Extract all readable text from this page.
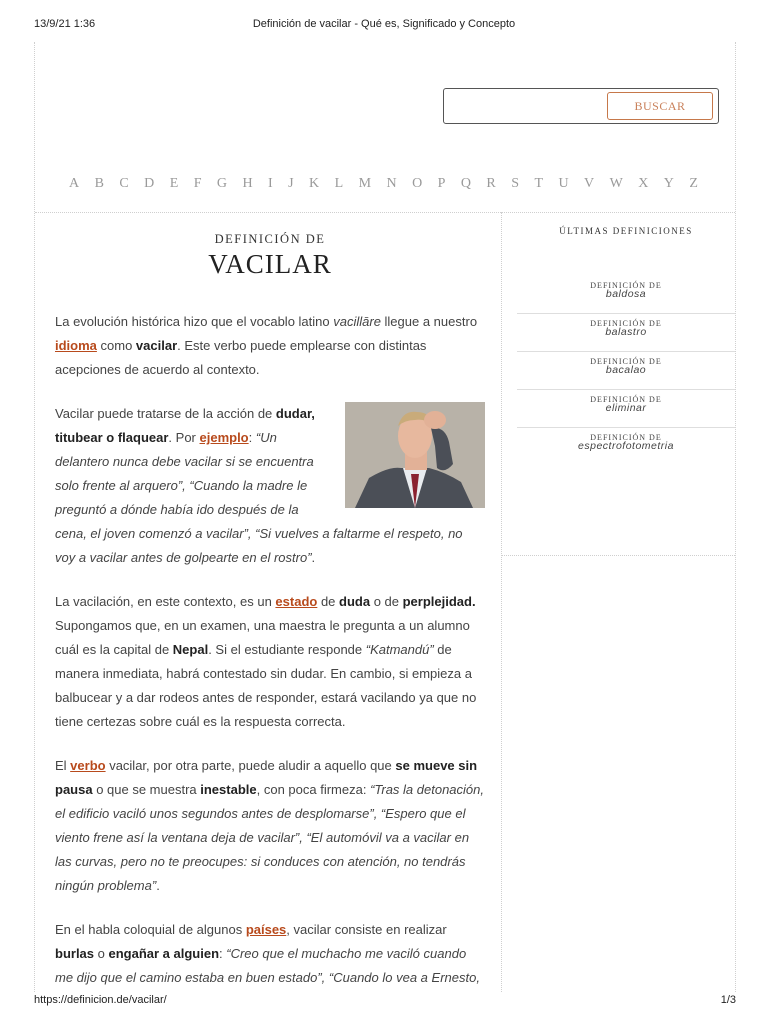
13/9/21 1:36	Definición de vacilar - Qué es, Significado y Concepto
BUSCAR
A B C D E F G H I J K L M N O P Q R S T U V W X Y Z
DEFINICIÓN DE
VACILAR

La evolución histórica hizo que el vocablo latino vacillāre llegue a nuestro idioma como vacilar. Este verbo puede emplearse con distintas acepciones de acuerdo al contexto.

Vacilar puede tratarse de la acción de dudar, titubear o flaquear. Por ejemplo: “Un delantero nunca debe vacilar si se encuentra solo frente al arquero”, “Cuando la madre le preguntó a dónde había ido después de la cena, el joven comenzó a vacilar”, “Si vuelves a faltarme el respeto, no voy a vacilar antes de golpearte en el rostro”.

La vacilación, en este contexto, es un estado de duda o de perplejidad. Supongamos que, en un examen, una maestra le pregunta a un alumno cuál es la capital de Nepal. Si el estudiante responde “Katmandú” de manera inmediata, habrá contestado sin dudar. En cambio, si empieza a balbucear y a dar rodeos antes de responder, estará vacilando ya que no tiene certezas sobre cuál es la respuesta correcta.

El verbo vacilar, por otra parte, puede aludir a aquello que se mueve sin pausa o que se muestra inestable, con poca firmeza: “Tras la detonación, el edificio vaciló unos segundos antes de desplomarse”, “Espero que el viento frene así la ventana deja de vacilar”, “El automóvil va a vacilar en las curvas, pero no te preocupes: si conduces con atención, no tendrás ningún problema”.

En el habla coloquial de algunos países, vacilar consiste en realizar burlas o engañar a alguien: “Creo que el muchacho me vaciló cuando me dijo que el camino estaba en buen estado”, “Cuando lo vea a Ernesto,

ÚLTIMAS DEFINICIONES
DEFINICIÓN DE
baldosa
DEFINICIÓN DE
balastro
DEFINICIÓN DE
bacalao
DEFINICIÓN DE
eliminar
DEFINICIÓN DE
espectrofotometria
https://definicion.de/vacilar/	1/3
